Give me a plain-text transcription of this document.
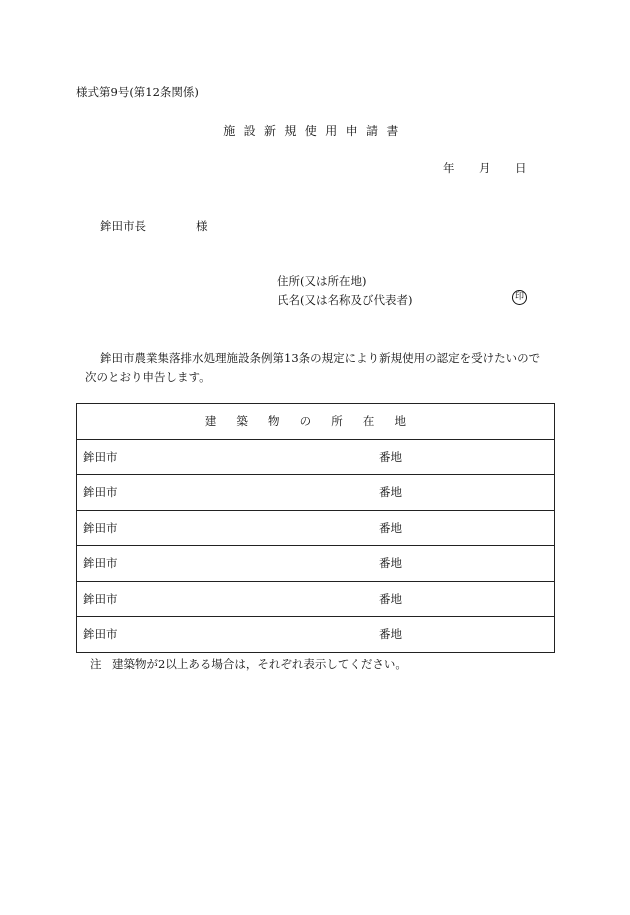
様式第9号(第12条関係)
施設新規使用申請書
年	月	日
鉾田市長	様
住所(又は所在地)
氏名(又は名称及び代表者)	印
鉾田市農業集落排水処理施設条例第13条の規定により新規使用の認定を受けたいので
次のとおり申告します。
建築物の所在地

鉾田市	番地

鉾田市	番地

鉾田市	番地

鉾田市	番地

鉾田市	番地

鉾田市	番地
注 建築物が2以上ある場合は，それぞれ表示してください。
